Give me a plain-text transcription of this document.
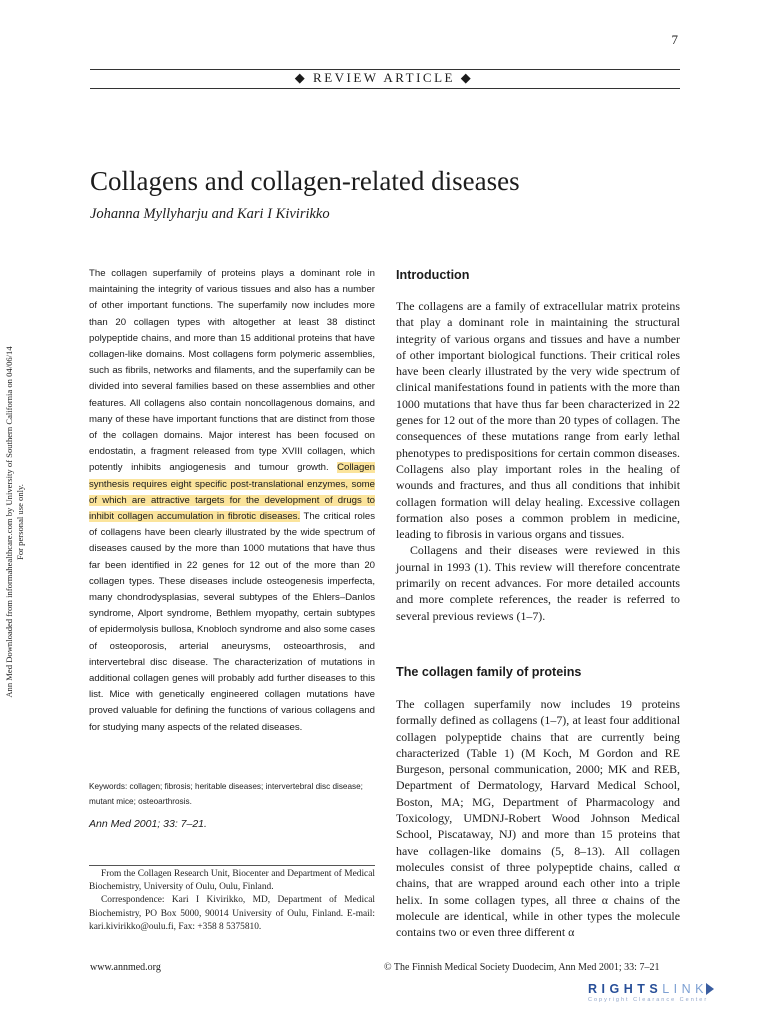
7
◆ REVIEW ARTICLE ◆
Collagens and collagen-related diseases
Johanna Myllyharju and Kari I Kivirikko
Ann Med Downloaded from informahealthcare.com by University of Southern California on 04/06/14 For personal use only.
The collagen superfamily of proteins plays a dominant role in maintaining the integrity of various tissues and also has a number of other important functions. The superfamily now includes more than 20 collagen types with altogether at least 38 distinct polypeptide chains, and more than 15 additional proteins that have collagen-like domains. Most collagens form polymeric assemblies, such as fibrils, networks and filaments, and the superfamily can be divided into several families based on these assemblies and other features. All collagens also contain noncollagenous domains, and many of these have important functions that are distinct from those of the collagen domains. Major interest has been focused on endostatin, a fragment released from type XVIII collagen, which potently inhibits angiogenesis and tumour growth. Collagen synthesis requires eight specific post-translational enzymes, some of which are attractive targets for the development of drugs to inhibit collagen accumulation in fibrotic diseases. The critical roles of collagens have been clearly illustrated by the wide spectrum of diseases caused by the more than 1000 mutations that have thus far been identified in 22 genes for 12 out of the more than 20 collagen types. These diseases include osteogenesis imperfecta, many chondrodysplasias, several subtypes of the Ehlers–Danlos syndrome, Alport syndrome, Bethlem myopathy, certain subtypes of epidermolysis bullosa, Knobloch syndrome and also some cases of osteoporosis, arterial aneurysms, osteoarthrosis, and intervertebral disc disease. The characterization of mutations in additional collagen genes will probably add further diseases to this list. Mice with genetically engineered collagen mutations have proved valuable for defining the functions of various collagens and for studying many aspects of the related diseases.
Keywords: collagen; fibrosis; heritable diseases; intervertebral disc disease; mutant mice; osteoarthrosis.
Ann Med 2001; 33: 7–21.

From the Collagen Research Unit, Biocenter and Department of Medical Biochemistry, University of Oulu, Oulu, Finland.

Correspondence: Kari I Kivirikko, MD, Department of Medical Biochemistry, PO Box 5000, 90014 University of Oulu, Finland. E-mail: kari.kivirikko@oulu.fi, Fax: +358 8 5375810.

Introduction

The collagens are a family of extracellular matrix proteins that play a dominant role in maintaining the structural integrity of various organs and tissues and have a number of other important biological functions. Their critical roles have been clearly illustrated by the very wide spectrum of clinical manifestations found in patients with the more than 1000 mutations that have thus far been characterized in 22 genes for 12 out of the more than 20 types of collagen. The consequences of these mutations range from early lethal phenotypes to predispositions for certain common diseases. Collagens also play important roles in the healing of wounds and fractures, and thus all conditions that inhibit collagen formation will delay healing. Excessive collagen formation also poses a common problem in medicine, leading to fibrosis in various organs and tissues.

Collagens and their diseases were reviewed in this journal in 1993 (1). This review will therefore concentrate primarily on recent advances. For more detailed accounts and more complete references, the reader is referred to several previous reviews (1–7).

The collagen family of proteins

The collagen superfamily now includes 19 proteins formally defined as collagens (1–7), at least four additional collagen polypeptide chains that are currently being characterized (Table 1) (M Koch, M Gordon and RE Burgeson, personal communication, 2000; MK and REB, Department of Dermatology, Harvard Medical School, Boston, MA; MG, Department of Pharmacology and Toxicology, UMDNJ-Robert Wood Johnson Medical School, Piscataway, NJ) and more than 15 proteins that have collagen-like domains (5, 8–13). All collagen molecules consist of three polypeptide chains, called α chains, that are wrapped around each other into a triple helix. In some collagen types, all three α chains of the molecule are identical, while in other types the molecule contains two or even three different α

www.annmed.org	© The Finnish Medical Society Duodecim, Ann Med 2001; 33: 7–21
RIGHTS LINK
Copyright Clearance Center
